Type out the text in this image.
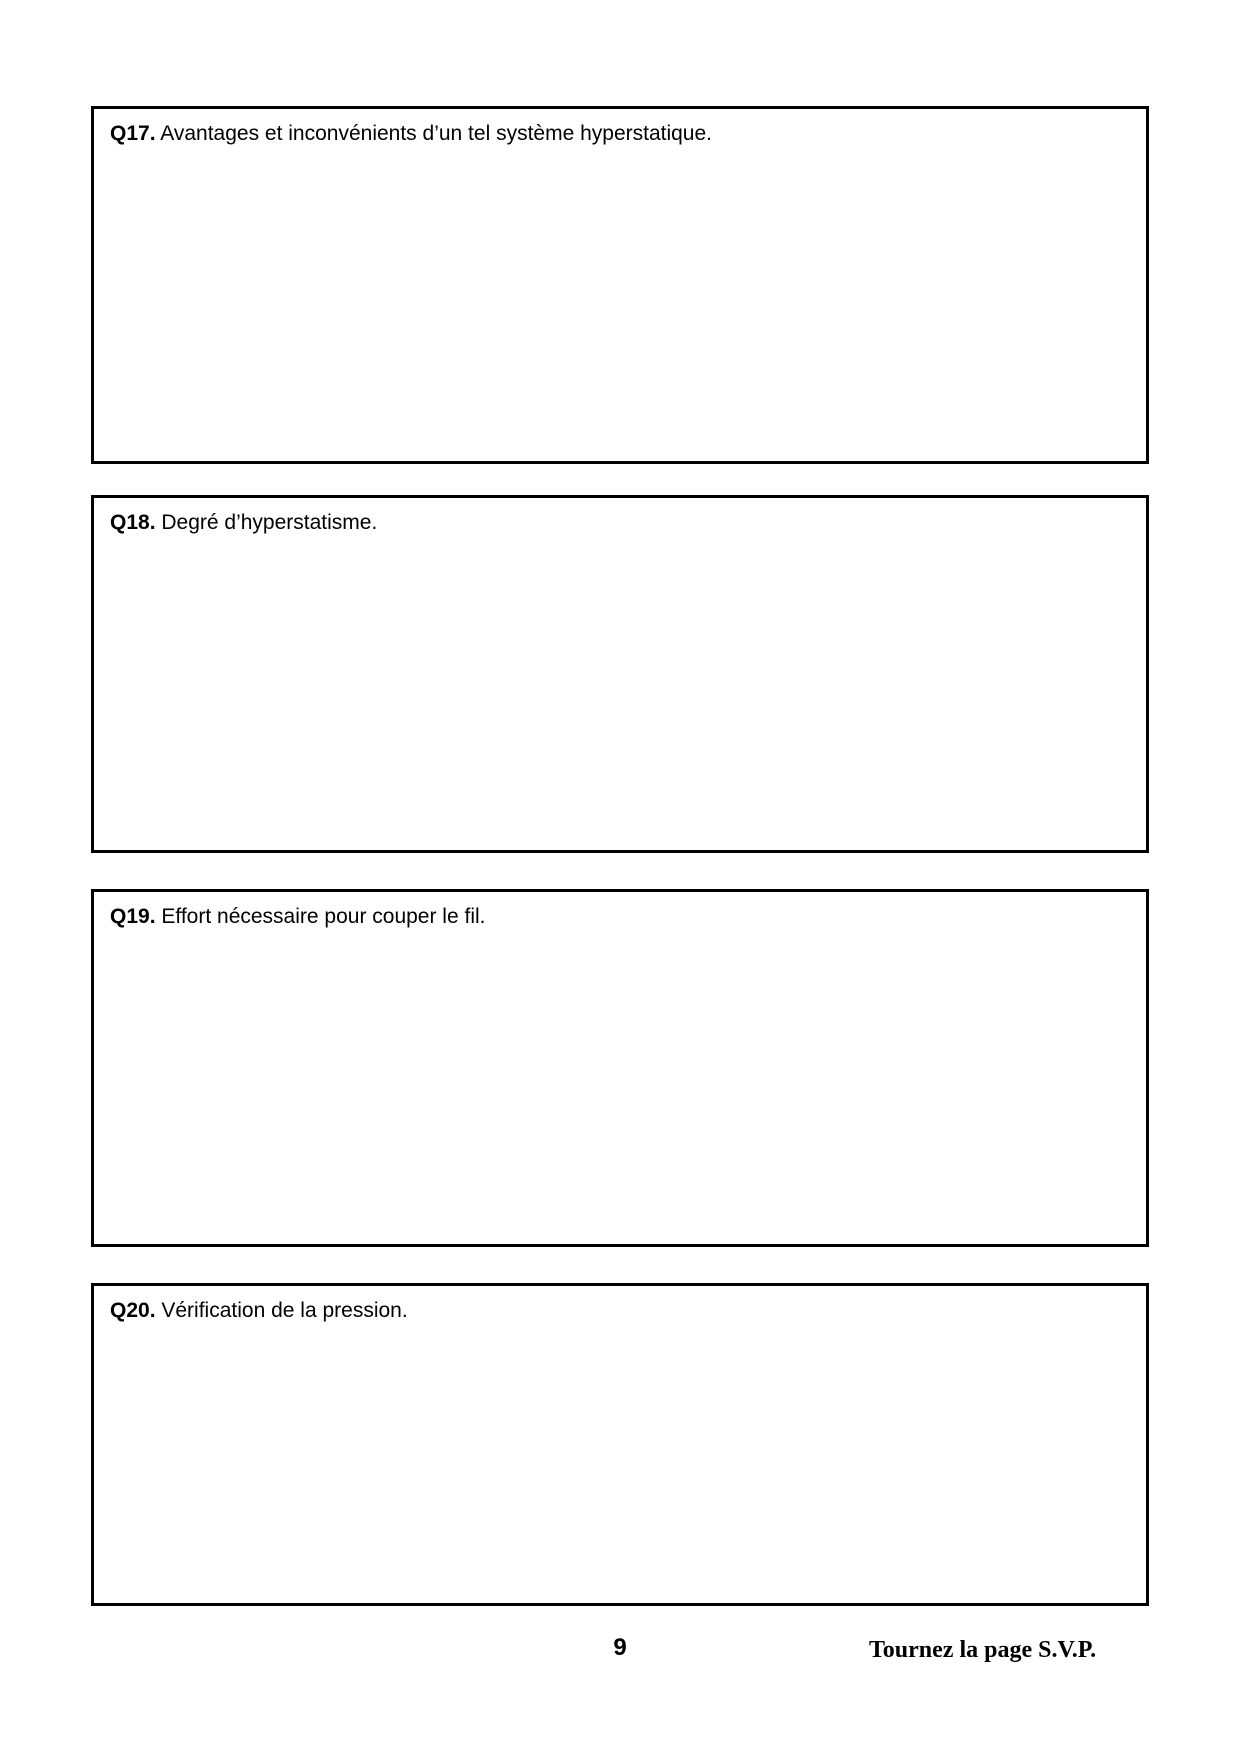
Q17. Avantages et inconvénients d’un tel système hyperstatique.
Q18. Degré d’hyperstatisme.
Q19. Effort nécessaire pour couper le fil.
Q20. Vérification de la pression.
9	Tournez la page S.V.P.
